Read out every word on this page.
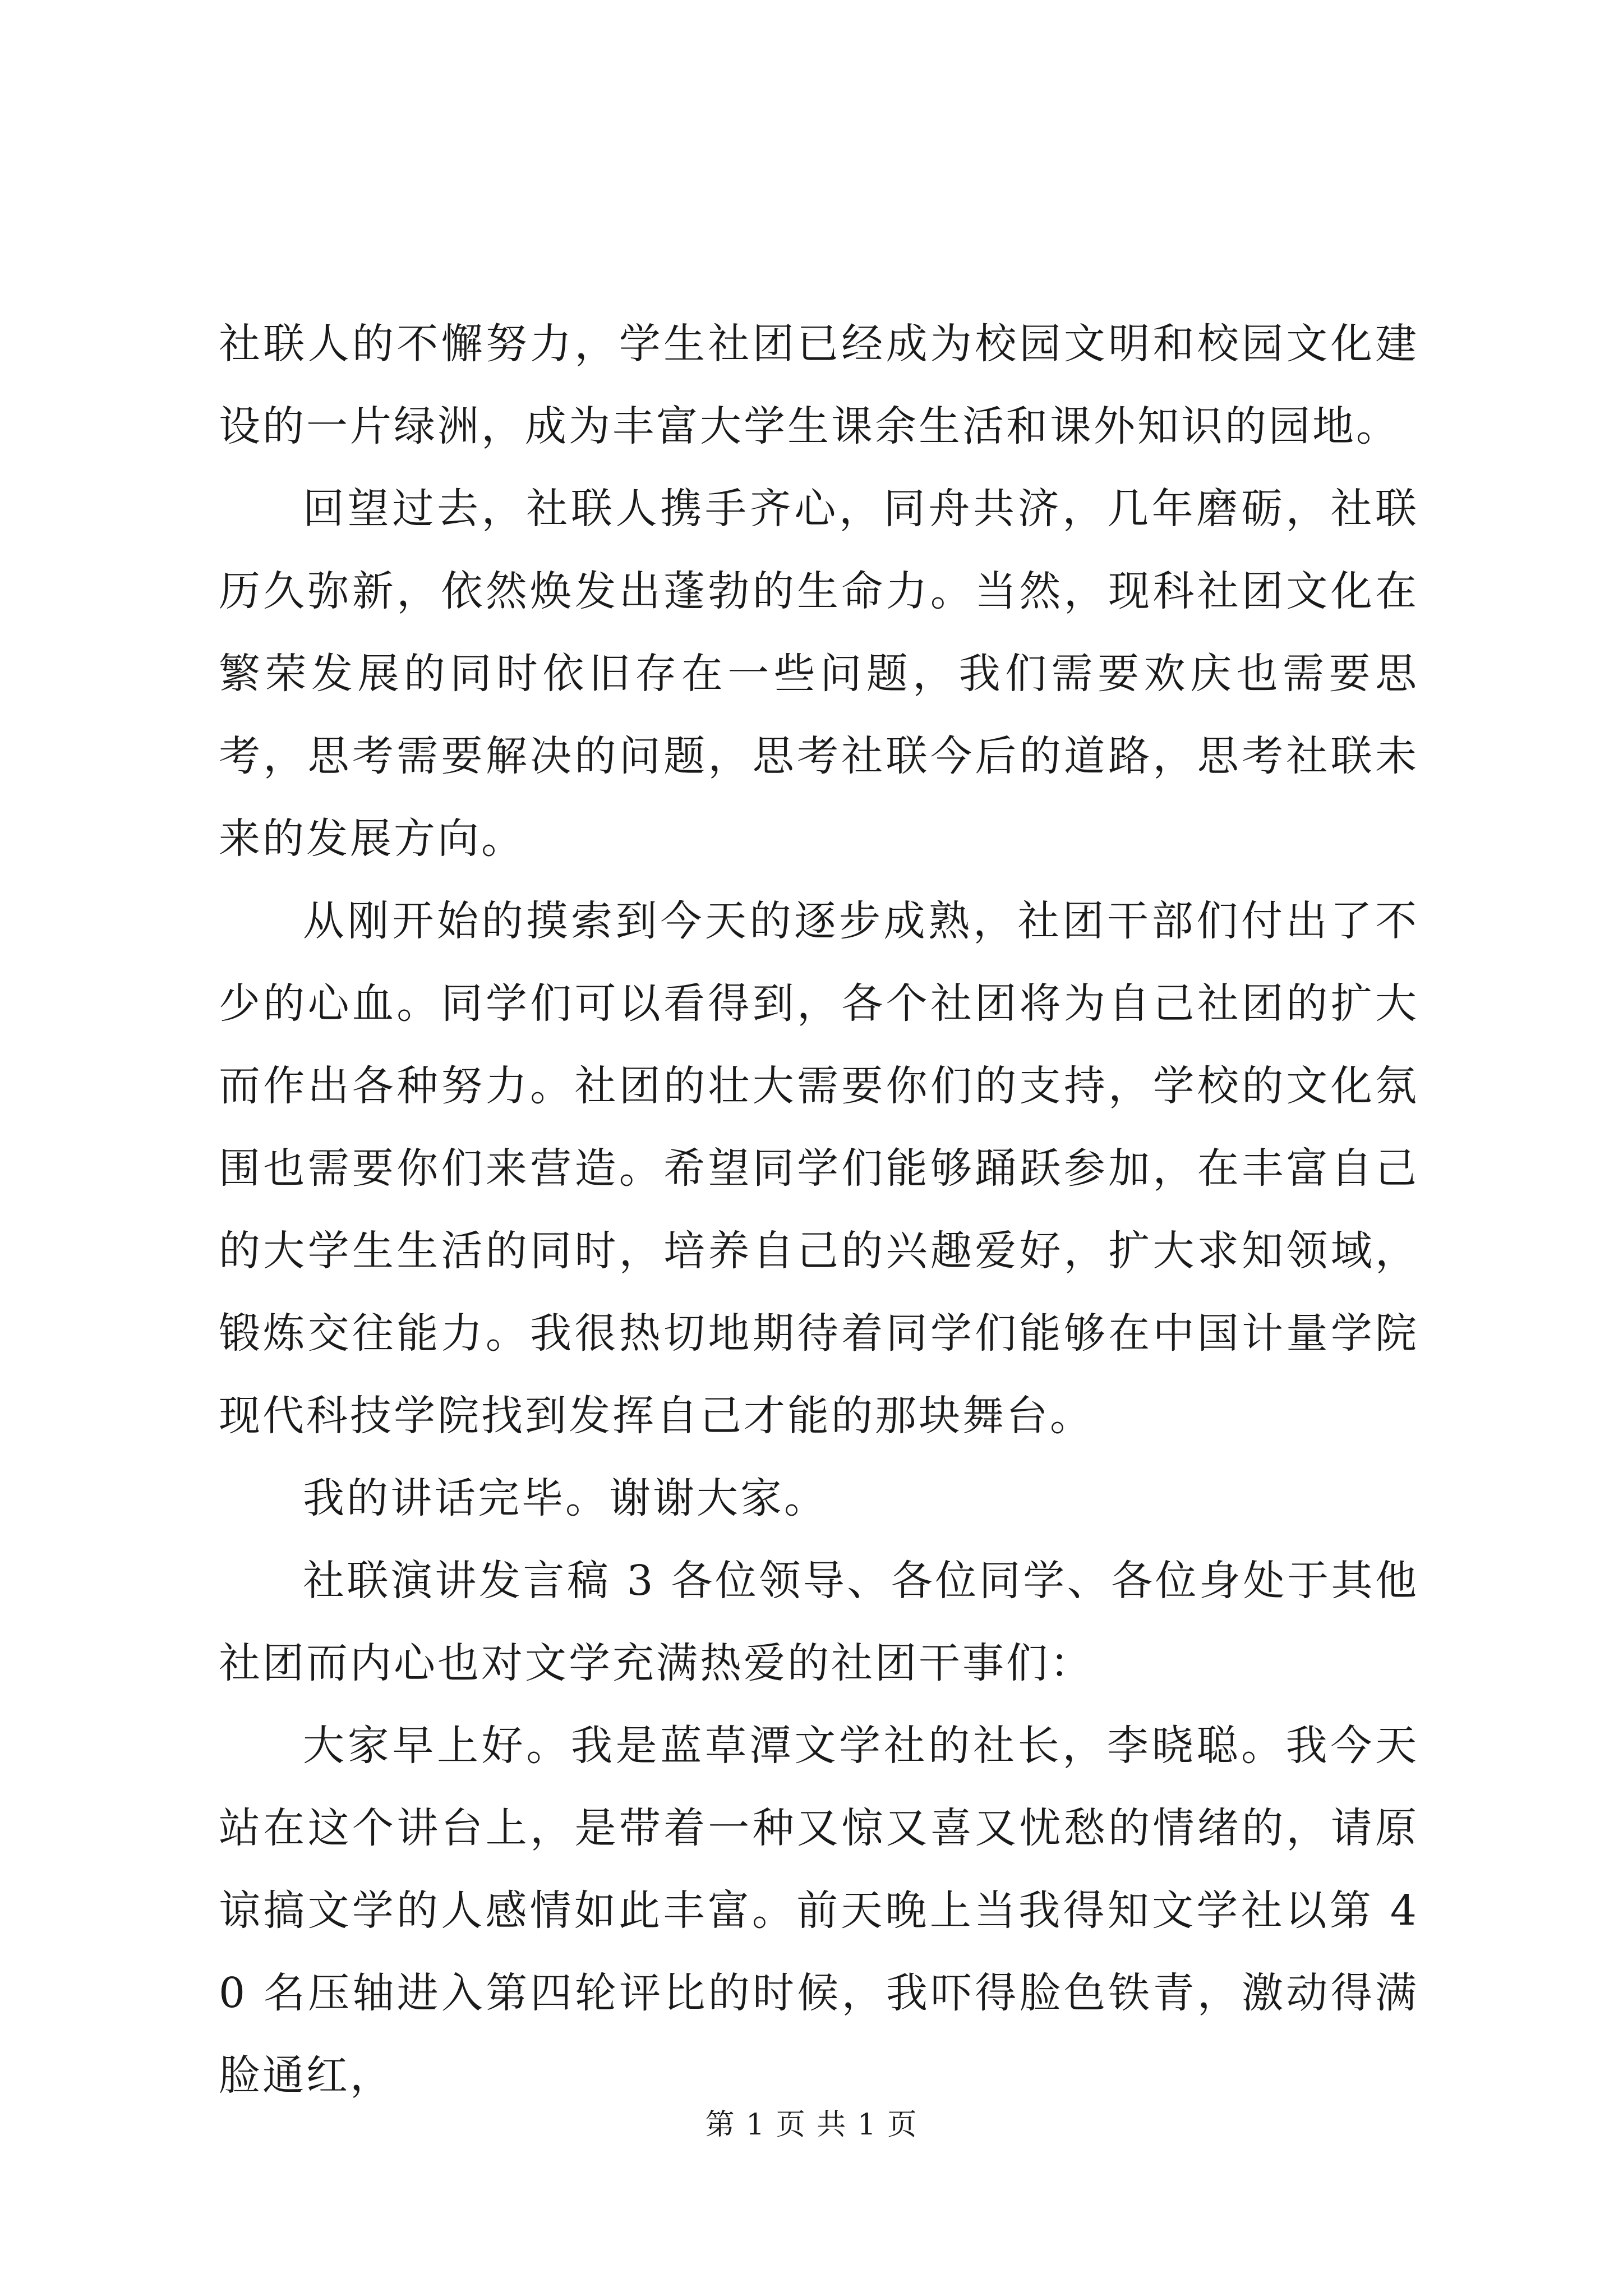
社联人的不懈努力，学生社团已经成为校园文明和校园文化建设的一片绿洲，成为丰富大学生课余生活和课外知识的园地。

回望过去，社联人携手齐心，同舟共济，几年磨砺，社联历久弥新，依然焕发出蓬勃的生命力。当然，现科社团文化在繁荣发展的同时依旧存在一些问题，我们需要欢庆也需要思考，思考需要解决的问题，思考社联今后的道路，思考社联未来的发展方向。

从刚开始的摸索到今天的逐步成熟，社团干部们付出了不少的心血。同学们可以看得到，各个社团将为自己社团的扩大而作出各种努力。社团的壮大需要你们的支持，学校的文化氛围也需要你们来营造。希望同学们能够踊跃参加，在丰富自己的大学生生活的同时，培养自己的兴趣爱好，扩大求知领域，锻炼交往能力。我很热切地期待着同学们能够在中国计量学院现代科技学院找到发挥自己才能的那块舞台。

我的讲话完毕。谢谢大家。

社联演讲发言稿 3 各位领导、各位同学、各位身处于其他社团而内心也对文学充满热爱的社团干事们：

大家早上好。我是蓝草潭文学社的社长，李晓聪。我今天站在这个讲台上，是带着一种又惊又喜又忧愁的情绪的，请原谅搞文学的人感情如此丰富。前天晚上当我得知文学社以第 40 名压轴进入第四轮评比的时候，我吓得脸色铁青，激动得满脸通红，

第 1 页 共 1 页
